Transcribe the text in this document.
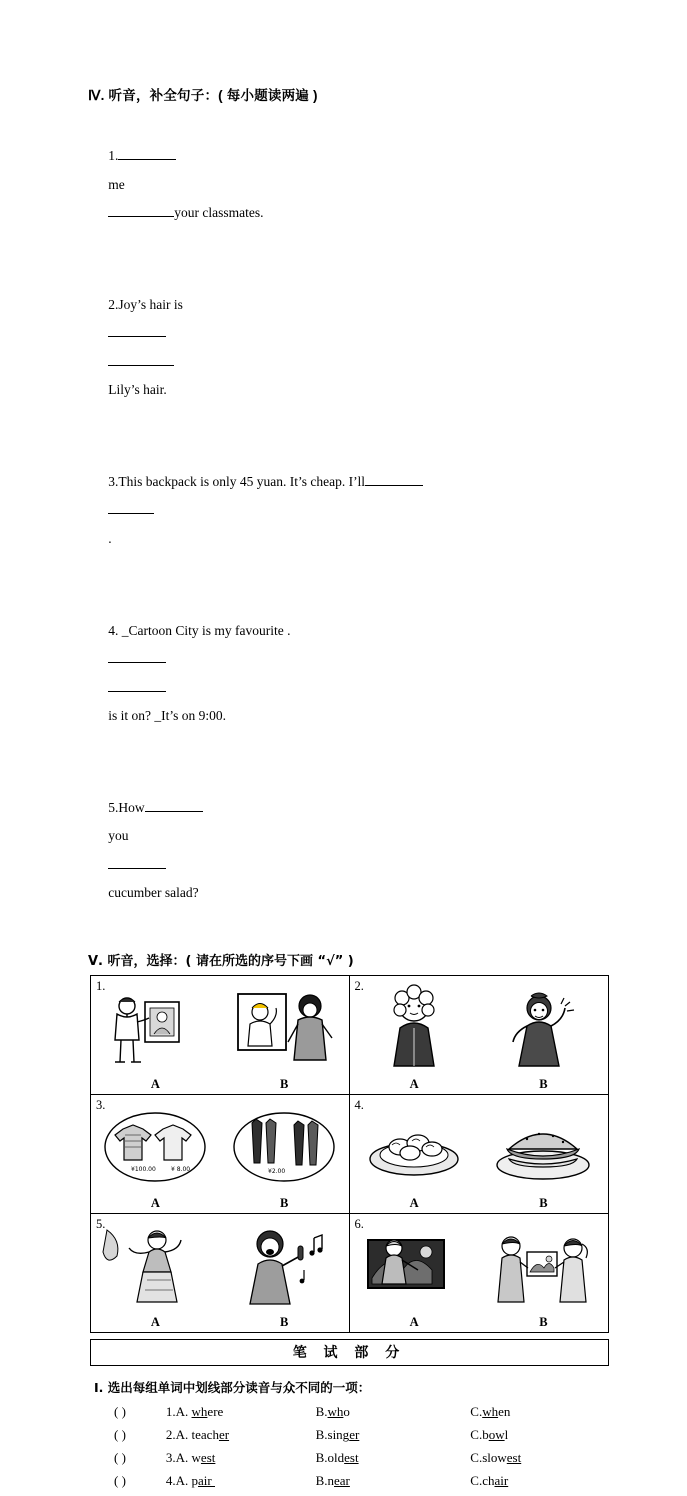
Ⅳ. 听音，补全句子：( 每小题读两遍 )

1.
me
your classmates.

2.Joy’s hair is

Lily’s hair.

3.This backpack is only 45 yuan. It’s cheap. I’ll

.

4. _Cartoon City is my favourite .

is it on? _It’s on 9:00.

5.How
you

cucumber salad?

Ⅴ. 听音，选择：( 请在所选的序号下画 “√” )
1.
A	B
2.
A	B
3.
¥100.00	¥ 8.00	¥2.00
A	B
4.
A	B
5.
A	B
6.
A	B
笔 试 部 分
Ⅰ. 选出每组单词中划线部分读音与众不同的一项：
( )	1.A. where	B.who	C.when
( )	2.A. teacher	B.singer	C.bowl
( )	3.A. west	B.oldest	C.slowest
( )	4.A. pair	B.near	C.chair
